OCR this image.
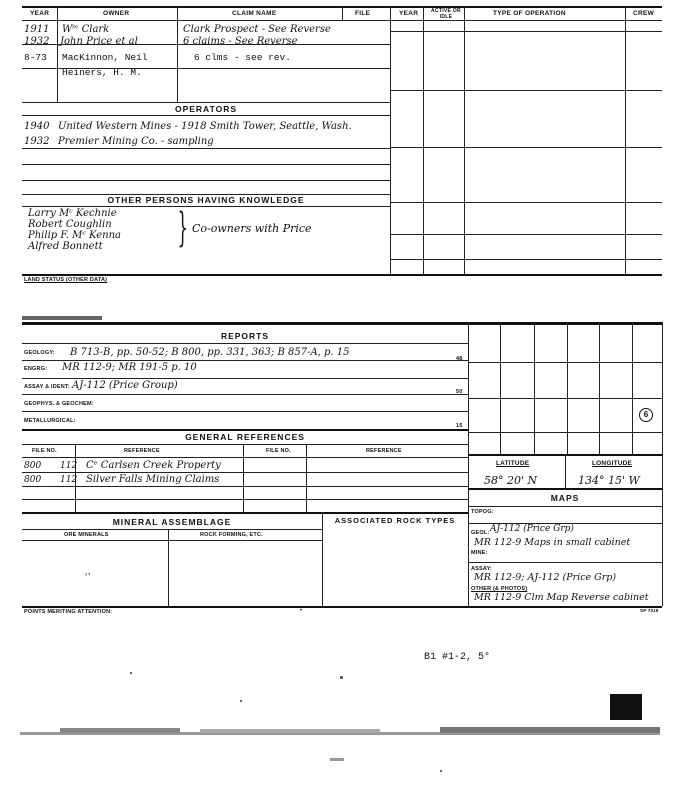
YEAR	OWNER	CLAIM NAME	FILE	YEAR	ACTIVE OR IDLE	TYPE OF OPERATION	CREW
1911 Wᵐ Clark	Clark Prospect - See Reverse
1932 John Price et al	6 claims - See Reverse
8-73 MacKinnon, Neil	6 clms - see rev.
Heiners, H. M.
OPERATORS
1940 United Western Mines - 1918 Smith Tower, Seattle, Wash.
1932 Premier Mining Co. - sampling
OTHER PERSONS HAVING KNOWLEDGE
Larry Mᶜ Kechnie
Robert Coughlin
Philip F. Mᶜ Kenna
Alfred Bonnett } Co-owners with Price
LAND STATUS (OTHER DATA)
REPORTS
GEOLOGY: B 713-B, pp. 50-52; B 800, pp. 331, 363; B 857-A, p. 15
48
ENGRG: MR 112-9; MR 191-5 p. 10
ASSAY & IDENT: AJ-112 (Price Group)
50
GEOPHYS. & GEOCHEM:
METALLURGICAL:
15
GENERAL REFERENCES
FILE NO.	REFERENCE	FILE NO.	REFERENCE
800 112 Cᵉ Carlsen Creek Property
800 112 Silver Falls Mining Claims
MINERAL ASSEMBLAGE	ASSOCIATED ROCK TYPES
ORE MINERALS	ROCK FORMING, ETC.
‘ ’
6
LATITUDE	LONGITUDE
58° 20' N	134° 15' W
MAPS
TOPOG:
GEOL: AJ-112 (Price Grp)
MR 112-9 Maps in small cabinet
MINE:
ASSAY:
MR 112-9; AJ-112 (Price Grp)
OTHER (& PHOTOS)
MR 112-9 Clm Map Reverse cabinet
POINTS MERITING ATTENTION:	SP 7018
•
B1 #1-2, 5°
